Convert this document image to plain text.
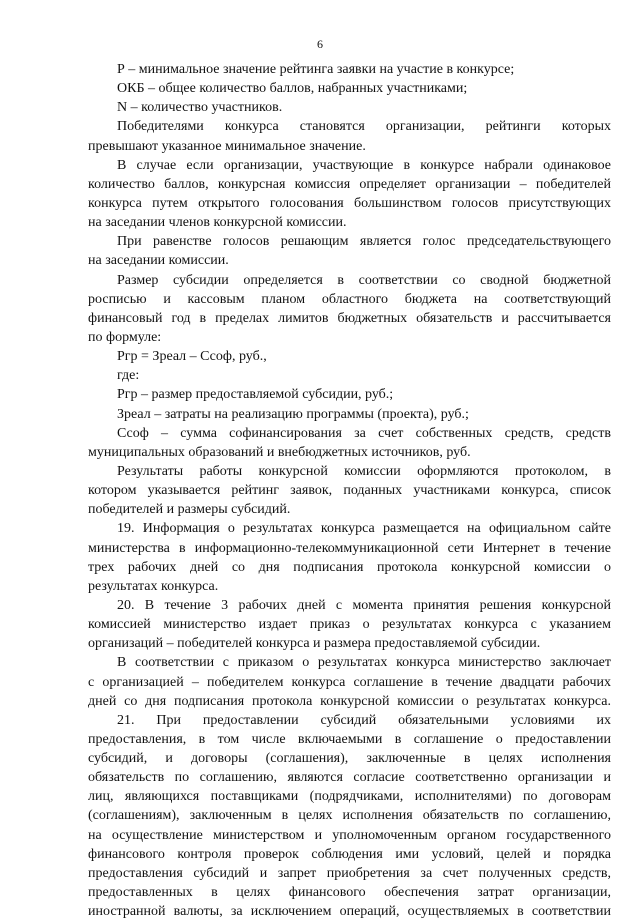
6
Р – минимальное значение рейтинга заявки на участие в конкурсе;
ОКБ – общее количество баллов, набранных участниками;
N – количество участников.
Победителями конкурса становятся организации, рейтинги которых
превышают указанное минимальное значение.
В случае если организации, участвующие в конкурсе набрали одинаковое
количество баллов, конкурсная комиссия определяет организации – победителей
конкурса путем открытого голосования большинством голосов присутствующих
на заседании членов конкурсной комиссии.
При равенстве голосов решающим является голос председательствующего
на заседании комиссии.
Размер субсидии определяется в соответствии со сводной бюджетной
росписью и кассовым планом областного бюджета на соответствующий
финансовый год в пределах лимитов бюджетных обязательств и рассчитывается
по формуле:
Ргр = Зреал – Ссоф, руб.,
где:
Ргр – размер предоставляемой субсидии, руб.;
Зреал – затраты на реализацию программы (проекта), руб.;
Ссоф – сумма софинансирования за счет собственных средств, средств
муниципальных образований и внебюджетных источников, руб.
Результаты работы конкурсной комиссии оформляются протоколом, в
котором указывается рейтинг заявок, поданных участниками конкурса, список
победителей и размеры субсидий.
19. Информация о результатах конкурса размещается на официальном сайте
министерства в информационно-телекоммуникационной сети Интернет в течение
трех рабочих дней со дня подписания протокола конкурсной комиссии о
результатах конкурса.
20. В течение 3 рабочих дней с момента принятия решения конкурсной
комиссией министерство издает приказ о результатах конкурса с указанием
организаций – победителей конкурса и размера предоставляемой субсидии.
В соответствии с приказом о результатах конкурса министерство заключает
с организацией – победителем конкурса соглашение в течение двадцати рабочих
дней со дня подписания протокола конкурсной комиссии о результатах конкурса.
21. При предоставлении субсидий обязательными условиями их
предоставления, в том числе включаемыми в соглашение о предоставлении
субсидий, и договоры (соглашения), заключенные в целях исполнения
обязательств по соглашению, являются согласие соответственно организации и
лиц, являющихся поставщиками (подрядчиками, исполнителями) по договорам
(соглашениям), заключенным в целях исполнения обязательств по соглашению,
на осуществление министерством и уполномоченным органом государственного
финансового контроля проверок соблюдения ими условий, целей и порядка
предоставления субсидий и запрет приобретения за счет полученных средств,
предоставленных в целях финансового обеспечения затрат организации,
иностранной валюты, за исключением операций, осуществляемых в соответствии
